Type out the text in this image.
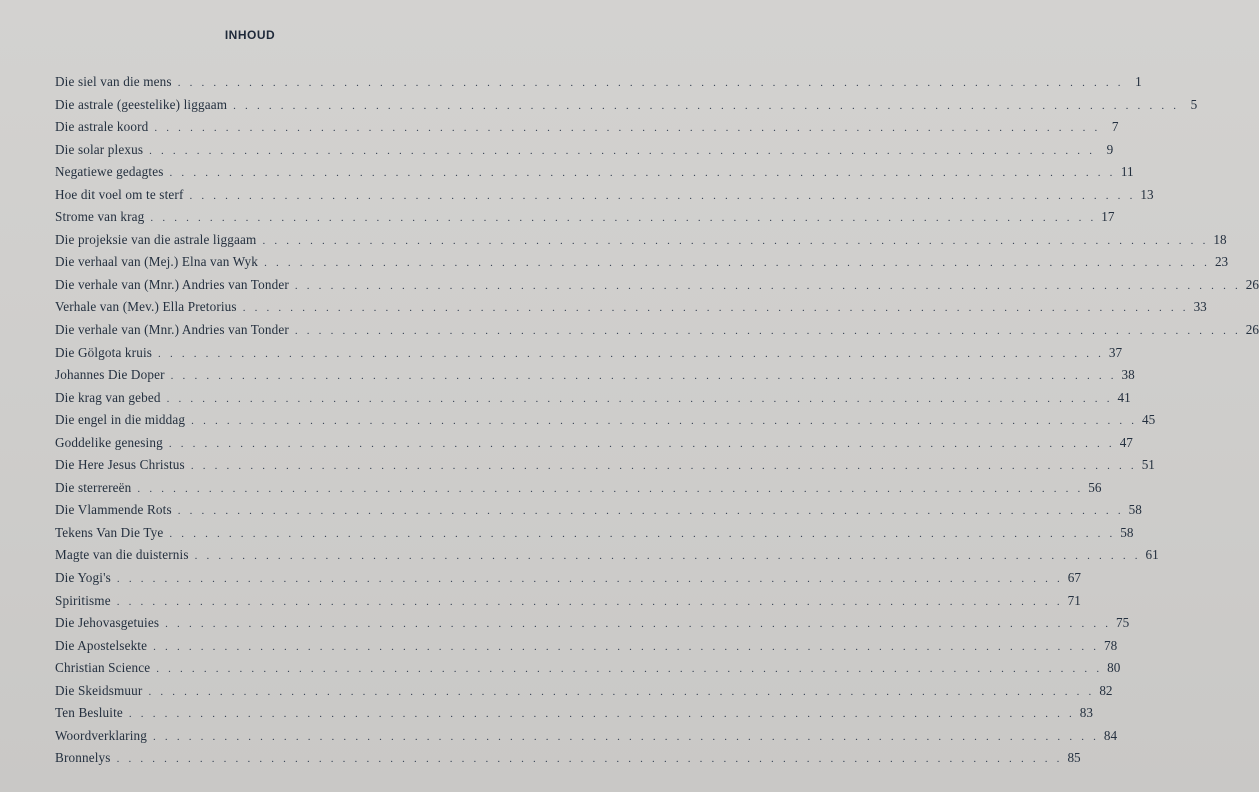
INHOUD
Die siel van die mens . . . . . . . . . . . . . . . . . . . . . . . . . . . . . . . . . . . . . . . . . . . . . . . . . . . . . . . . . . . . . . . . . . . . . . . . . . . . . . . . 1
Die astrale (geestelike) liggaam . . . . . . . . . . . . . . . . . . . . . . . . . . . . . . . . . . . . . . . . . . . . . . . . . . . . . . . . . . . . . . . . . . . . . . . . . . . . . . . . 5
Die astrale koord . . . . . . . . . . . . . . . . . . . . . . . . . . . . . . . . . . . . . . . . . . . . . . . . . . . . . . . . . . . . . . . . . . . . . . . . . . . . . . . . 7
Die solar plexus . . . . . . . . . . . . . . . . . . . . . . . . . . . . . . . . . . . . . . . . . . . . . . . . . . . . . . . . . . . . . . . . . . . . . . . . . . . . . . . . 9
Negatiewe gedagtes . . . . . . . . . . . . . . . . . . . . . . . . . . . . . . . . . . . . . . . . . . . . . . . . . . . . . . . . . . . . . . . . . . . . . . . . . . . . . . . . 11
Hoe dit voel om te sterf . . . . . . . . . . . . . . . . . . . . . . . . . . . . . . . . . . . . . . . . . . . . . . . . . . . . . . . . . . . . . . . . . . . . . . . . . . . . . . . . 13
Strome van krag . . . . . . . . . . . . . . . . . . . . . . . . . . . . . . . . . . . . . . . . . . . . . . . . . . . . . . . . . . . . . . . . . . . . . . . . . . . . . . . . 17
Die projeksie van die astrale liggaam . . . . . . . . . . . . . . . . . . . . . . . . . . . . . . . . . . . . . . . . . . . . . . . . . . . . . . . . . . . . . . . . . . . . . . . . . . . . . . . . 18
Die verhaal van (Mej.) Elna van Wyk . . . . . . . . . . . . . . . . . . . . . . . . . . . . . . . . . . . . . . . . . . . . . . . . . . . . . . . . . . . . . . . . . . . . . . . . . . . . . . . . 23
Die verhale van (Mnr.) Andries van Tonder . . . . . . . . . . . . . . . . . . . . . . . . . . . . . . . . . . . . . . . . . . . . . . . . . . . . . . . . . . . . . . . . . . . . . . . . . . . . . . . . 26
Verhale van (Mev.) Ella Pretorius . . . . . . . . . . . . . . . . . . . . . . . . . . . . . . . . . . . . . . . . . . . . . . . . . . . . . . . . . . . . . . . . . . . . . . . . . . . . . . . . 33
Die verhale van (Mnr.) Andries van Tonder . . . . . . . . . . . . . . . . . . . . . . . . . . . . . . . . . . . . . . . . . . . . . . . . . . . . . . . . . . . . . . . . . . . . . . . . . . . . . . . . 26
Die Gölgota kruis . . . . . . . . . . . . . . . . . . . . . . . . . . . . . . . . . . . . . . . . . . . . . . . . . . . . . . . . . . . . . . . . . . . . . . . . . . . . . . . . 37
Johannes Die Doper . . . . . . . . . . . . . . . . . . . . . . . . . . . . . . . . . . . . . . . . . . . . . . . . . . . . . . . . . . . . . . . . . . . . . . . . . . . . . . . . 38
Die krag van gebed . . . . . . . . . . . . . . . . . . . . . . . . . . . . . . . . . . . . . . . . . . . . . . . . . . . . . . . . . . . . . . . . . . . . . . . . . . . . . . . . 41
Die engel in die middag . . . . . . . . . . . . . . . . . . . . . . . . . . . . . . . . . . . . . . . . . . . . . . . . . . . . . . . . . . . . . . . . . . . . . . . . . . . . . . . . 45
Goddelike genesing . . . . . . . . . . . . . . . . . . . . . . . . . . . . . . . . . . . . . . . . . . . . . . . . . . . . . . . . . . . . . . . . . . . . . . . . . . . . . . . . 47
Die Here Jesus Christus . . . . . . . . . . . . . . . . . . . . . . . . . . . . . . . . . . . . . . . . . . . . . . . . . . . . . . . . . . . . . . . . . . . . . . . . . . . . . . . . 51
Die sterrereën . . . . . . . . . . . . . . . . . . . . . . . . . . . . . . . . . . . . . . . . . . . . . . . . . . . . . . . . . . . . . . . . . . . . . . . . . . . . . . . . 56
Die Vlammende Rots . . . . . . . . . . . . . . . . . . . . . . . . . . . . . . . . . . . . . . . . . . . . . . . . . . . . . . . . . . . . . . . . . . . . . . . . . . . . . . . . 58
Tekens Van Die Tye . . . . . . . . . . . . . . . . . . . . . . . . . . . . . . . . . . . . . . . . . . . . . . . . . . . . . . . . . . . . . . . . . . . . . . . . . . . . . . . . 58
Magte van die duisternis . . . . . . . . . . . . . . . . . . . . . . . . . . . . . . . . . . . . . . . . . . . . . . . . . . . . . . . . . . . . . . . . . . . . . . . . . . . . . . . . 61
Die Yogi's . . . . . . . . . . . . . . . . . . . . . . . . . . . . . . . . . . . . . . . . . . . . . . . . . . . . . . . . . . . . . . . . . . . . . . . . . . . . . . . . 67
Spiritisme . . . . . . . . . . . . . . . . . . . . . . . . . . . . . . . . . . . . . . . . . . . . . . . . . . . . . . . . . . . . . . . . . . . . . . . . . . . . . . . . 71
Die Jehovasgetuies . . . . . . . . . . . . . . . . . . . . . . . . . . . . . . . . . . . . . . . . . . . . . . . . . . . . . . . . . . . . . . . . . . . . . . . . . . . . . . . . 75
Die Apostelsekte . . . . . . . . . . . . . . . . . . . . . . . . . . . . . . . . . . . . . . . . . . . . . . . . . . . . . . . . . . . . . . . . . . . . . . . . . . . . . . . . 78
Christian Science . . . . . . . . . . . . . . . . . . . . . . . . . . . . . . . . . . . . . . . . . . . . . . . . . . . . . . . . . . . . . . . . . . . . . . . . . . . . . . . . 80
Die Skeidsmuur . . . . . . . . . . . . . . . . . . . . . . . . . . . . . . . . . . . . . . . . . . . . . . . . . . . . . . . . . . . . . . . . . . . . . . . . . . . . . . . . 82
Ten Besluite . . . . . . . . . . . . . . . . . . . . . . . . . . . . . . . . . . . . . . . . . . . . . . . . . . . . . . . . . . . . . . . . . . . . . . . . . . . . . . . . 83
Woordverklaring . . . . . . . . . . . . . . . . . . . . . . . . . . . . . . . . . . . . . . . . . . . . . . . . . . . . . . . . . . . . . . . . . . . . . . . . . . . . . . . . 84
Bronnelys . . . . . . . . . . . . . . . . . . . . . . . . . . . . . . . . . . . . . . . . . . . . . . . . . . . . . . . . . . . . . . . . . . . . . . . . . . . . . . . . 85
